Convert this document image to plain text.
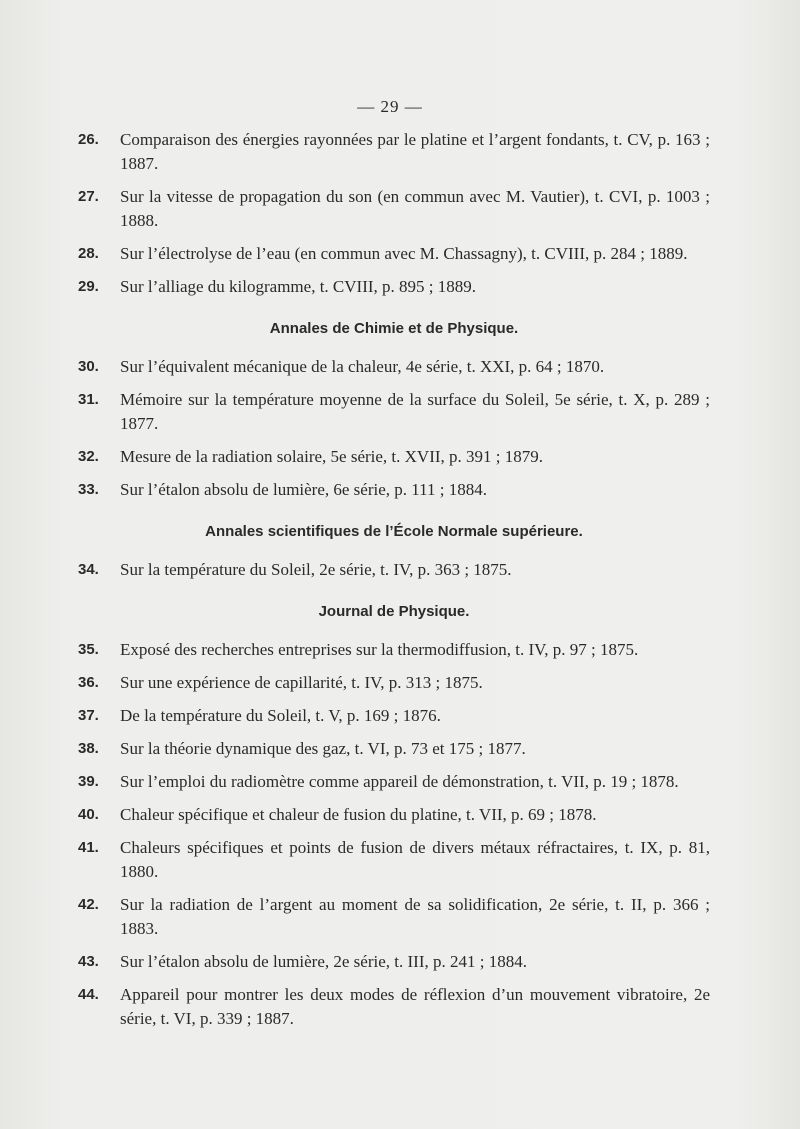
— 29 —
26. Comparaison des énergies rayonnées par le platine et l’argent fondants, t. CV, p. 163 ; 1887.
27. Sur la vitesse de propagation du son (en commun avec M. Vautier), t. CVI, p. 1003 ; 1888.
28. Sur l’électrolyse de l’eau (en commun avec M. Chassagny), t. CVIII, p. 284 ; 1889.
29. Sur l’alliage du kilogramme, t. CVIII, p. 895 ; 1889.
Annales de Chimie et de Physique.
30. Sur l’équivalent mécanique de la chaleur, 4e série, t. XXI, p. 64 ; 1870.
31. Mémoire sur la température moyenne de la surface du Soleil, 5e série, t. X, p. 289 ; 1877.
32. Mesure de la radiation solaire, 5e série, t. XVII, p. 391 ; 1879.
33. Sur l’étalon absolu de lumière, 6e série, p. 111 ; 1884.
Annales scientifiques de l’École Normale supérieure.
34. Sur la température du Soleil, 2e série, t. IV, p. 363 ; 1875.
Journal de Physique.
35. Exposé des recherches entreprises sur la thermodiffusion, t. IV, p. 97 ; 1875.
36. Sur une expérience de capillarité, t. IV, p. 313 ; 1875.
37. De la température du Soleil, t. V, p. 169 ; 1876.
38. Sur la théorie dynamique des gaz, t. VI, p. 73 et 175 ; 1877.
39. Sur l’emploi du radiomètre comme appareil de démonstration, t. VII, p. 19 ; 1878.
40. Chaleur spécifique et chaleur de fusion du platine, t. VII, p. 69 ; 1878.
41. Chaleurs spécifiques et points de fusion de divers métaux réfractaires, t. IX, p. 81, 1880.
42. Sur la radiation de l’argent au moment de sa solidification, 2e série, t. II, p. 366 ; 1883.
43. Sur l’étalon absolu de lumière, 2e série, t. III, p. 241 ; 1884.
44. Appareil pour montrer les deux modes de réflexion d’un mouvement vibratoire, 2e série, t. VI, p. 339 ; 1887.
